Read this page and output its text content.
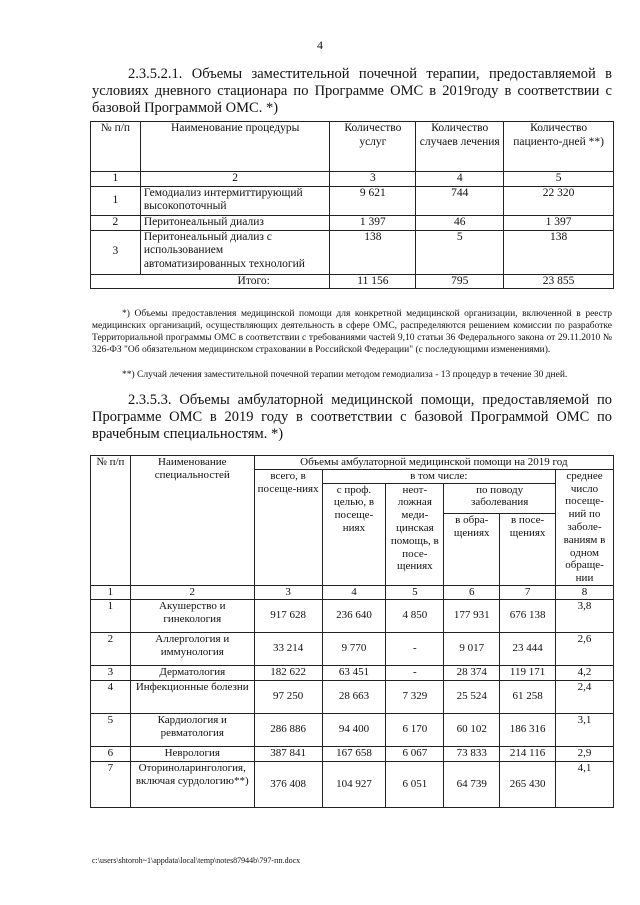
4

2.3.5.2.1. Объемы заместительной почечной терапии, предоставляемой в условиях дневного стационара по Программе ОМС в 2019году в соответствии с базовой Программой ОМС. *)

№ п/п	Наименование процедуры	Количество услуг	Количество случаев лечения	Количество пациенто-дней **)
1	2	3	4	5
1	Гемодиализ интермиттирующий высокопоточный	9 621	744	22 320
2	Перитонеальный диализ	1 397	46	1 397
3	Перитонеальный диализ с использованием автоматизированных технологий	138	5	138
Итого:		11 156	795	23 855
*) Объемы предоставления медицинской помощи для конкретной медицинской организации, включенной в реестр медицинских организаций, осуществляющих деятельность в сфере ОМС, распределяются решением комиссии по разработке Территориальной программы ОМС в соответствии с требованиями частей 9,10 статьи 36 Федерального закона от 29.11.2010 № 326-ФЗ "Об обязательном медицинском страховании в Российской Федерации" (с последующими изменениями).
**) Случай лечения заместительной почечной терапии методом гемодиализа - 13 процедур в течение 30 дней.

2.3.5.3. Объемы амбулаторной медицинской помощи, предоставляемой по Программе ОМС в 2019 году в соответствии с базовой Программой ОМС по врачебным специальностям. *)

№ п/п	Наименование специальностей	Объемы амбулаторной медицинской помощи на 2019 год					
		всего, в посеще-ниях	в том числе:				среднее число посеще-ний по заболе-ваниям в одном обраще-нии
			с проф. целью, в посеще-ниях	неот-ложная меди-цинская помощь, в посе-щениях	по поводу заболевания		
					в обра-щениях	в посе-щениях	
1	2	3	4	5	6	7	8
1	Акушерство и гинекология	917 628	236 640	4 850	177 931	676 138	3,8
2	Аллергология и иммунология	33 214	9 770	-	9 017	23 444	2,6
3	Дерматология	182 622	63 451	-	28 374	119 171	4,2
4	Инфекционные болезни	97 250	28 663	7 329	25 524	61 258	2,4
5	Кардиология и ревматология	286 886	94 400	6 170	60 102	186 316	3,1
6	Неврология	387 841	167 658	6 067	73 833	214 116	2,9
7	Оториноларингология, включая сурдологию**)	376 408	104 927	6 051	64 739	265 430	4,1
c:\users\shtoroh~1\appdata\local\temp\notes87944b\797-пп.docx
